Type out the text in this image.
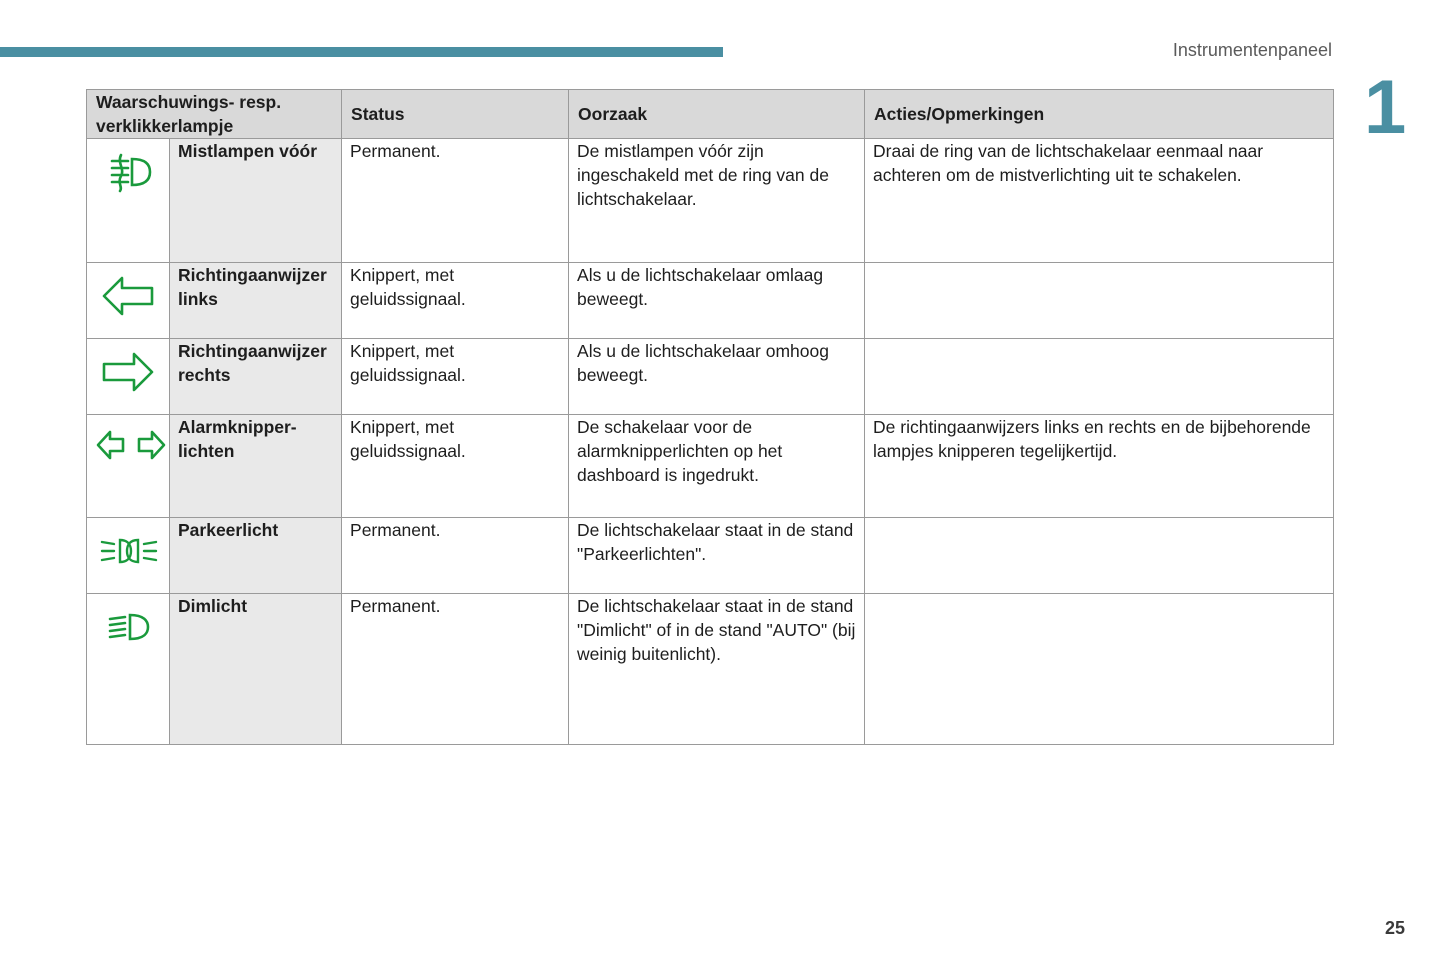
Instrumentenpaneel
1
Waarschuwings- resp. verklikkerlampje		Status	Oorzaak	Acties/Opmerkingen

	Mistlampen vóór	Permanent.	De mistlampen vóór zijn ingeschakeld met de ring van de lichtschakelaar.	Draai de ring van de lichtschakelaar eenmaal naar achteren om de mistverlichting uit te schakelen.

	Richtingaanwijzer links	Knippert, met geluidssignaal.	Als u de lichtschakelaar omlaag beweegt.	

	Richtingaanwijzer rechts	Knippert, met geluidssignaal.	Als u de lichtschakelaar omhoog beweegt.	

	Alarmknipper-lichten	Knippert, met geluidssignaal.	De schakelaar voor de alarmknipperlichten op het dashboard is ingedrukt.	De richtingaanwijzers links en rechts en de bijbehorende lampjes knipperen tegelijkertijd.

	Parkeerlicht	Permanent.	De lichtschakelaar staat in de stand "Parkeerlichten".	

	Dimlicht	Permanent.	De lichtschakelaar staat in de stand "Dimlicht" of in de stand "AUTO" (bij weinig buitenlicht).	
25
